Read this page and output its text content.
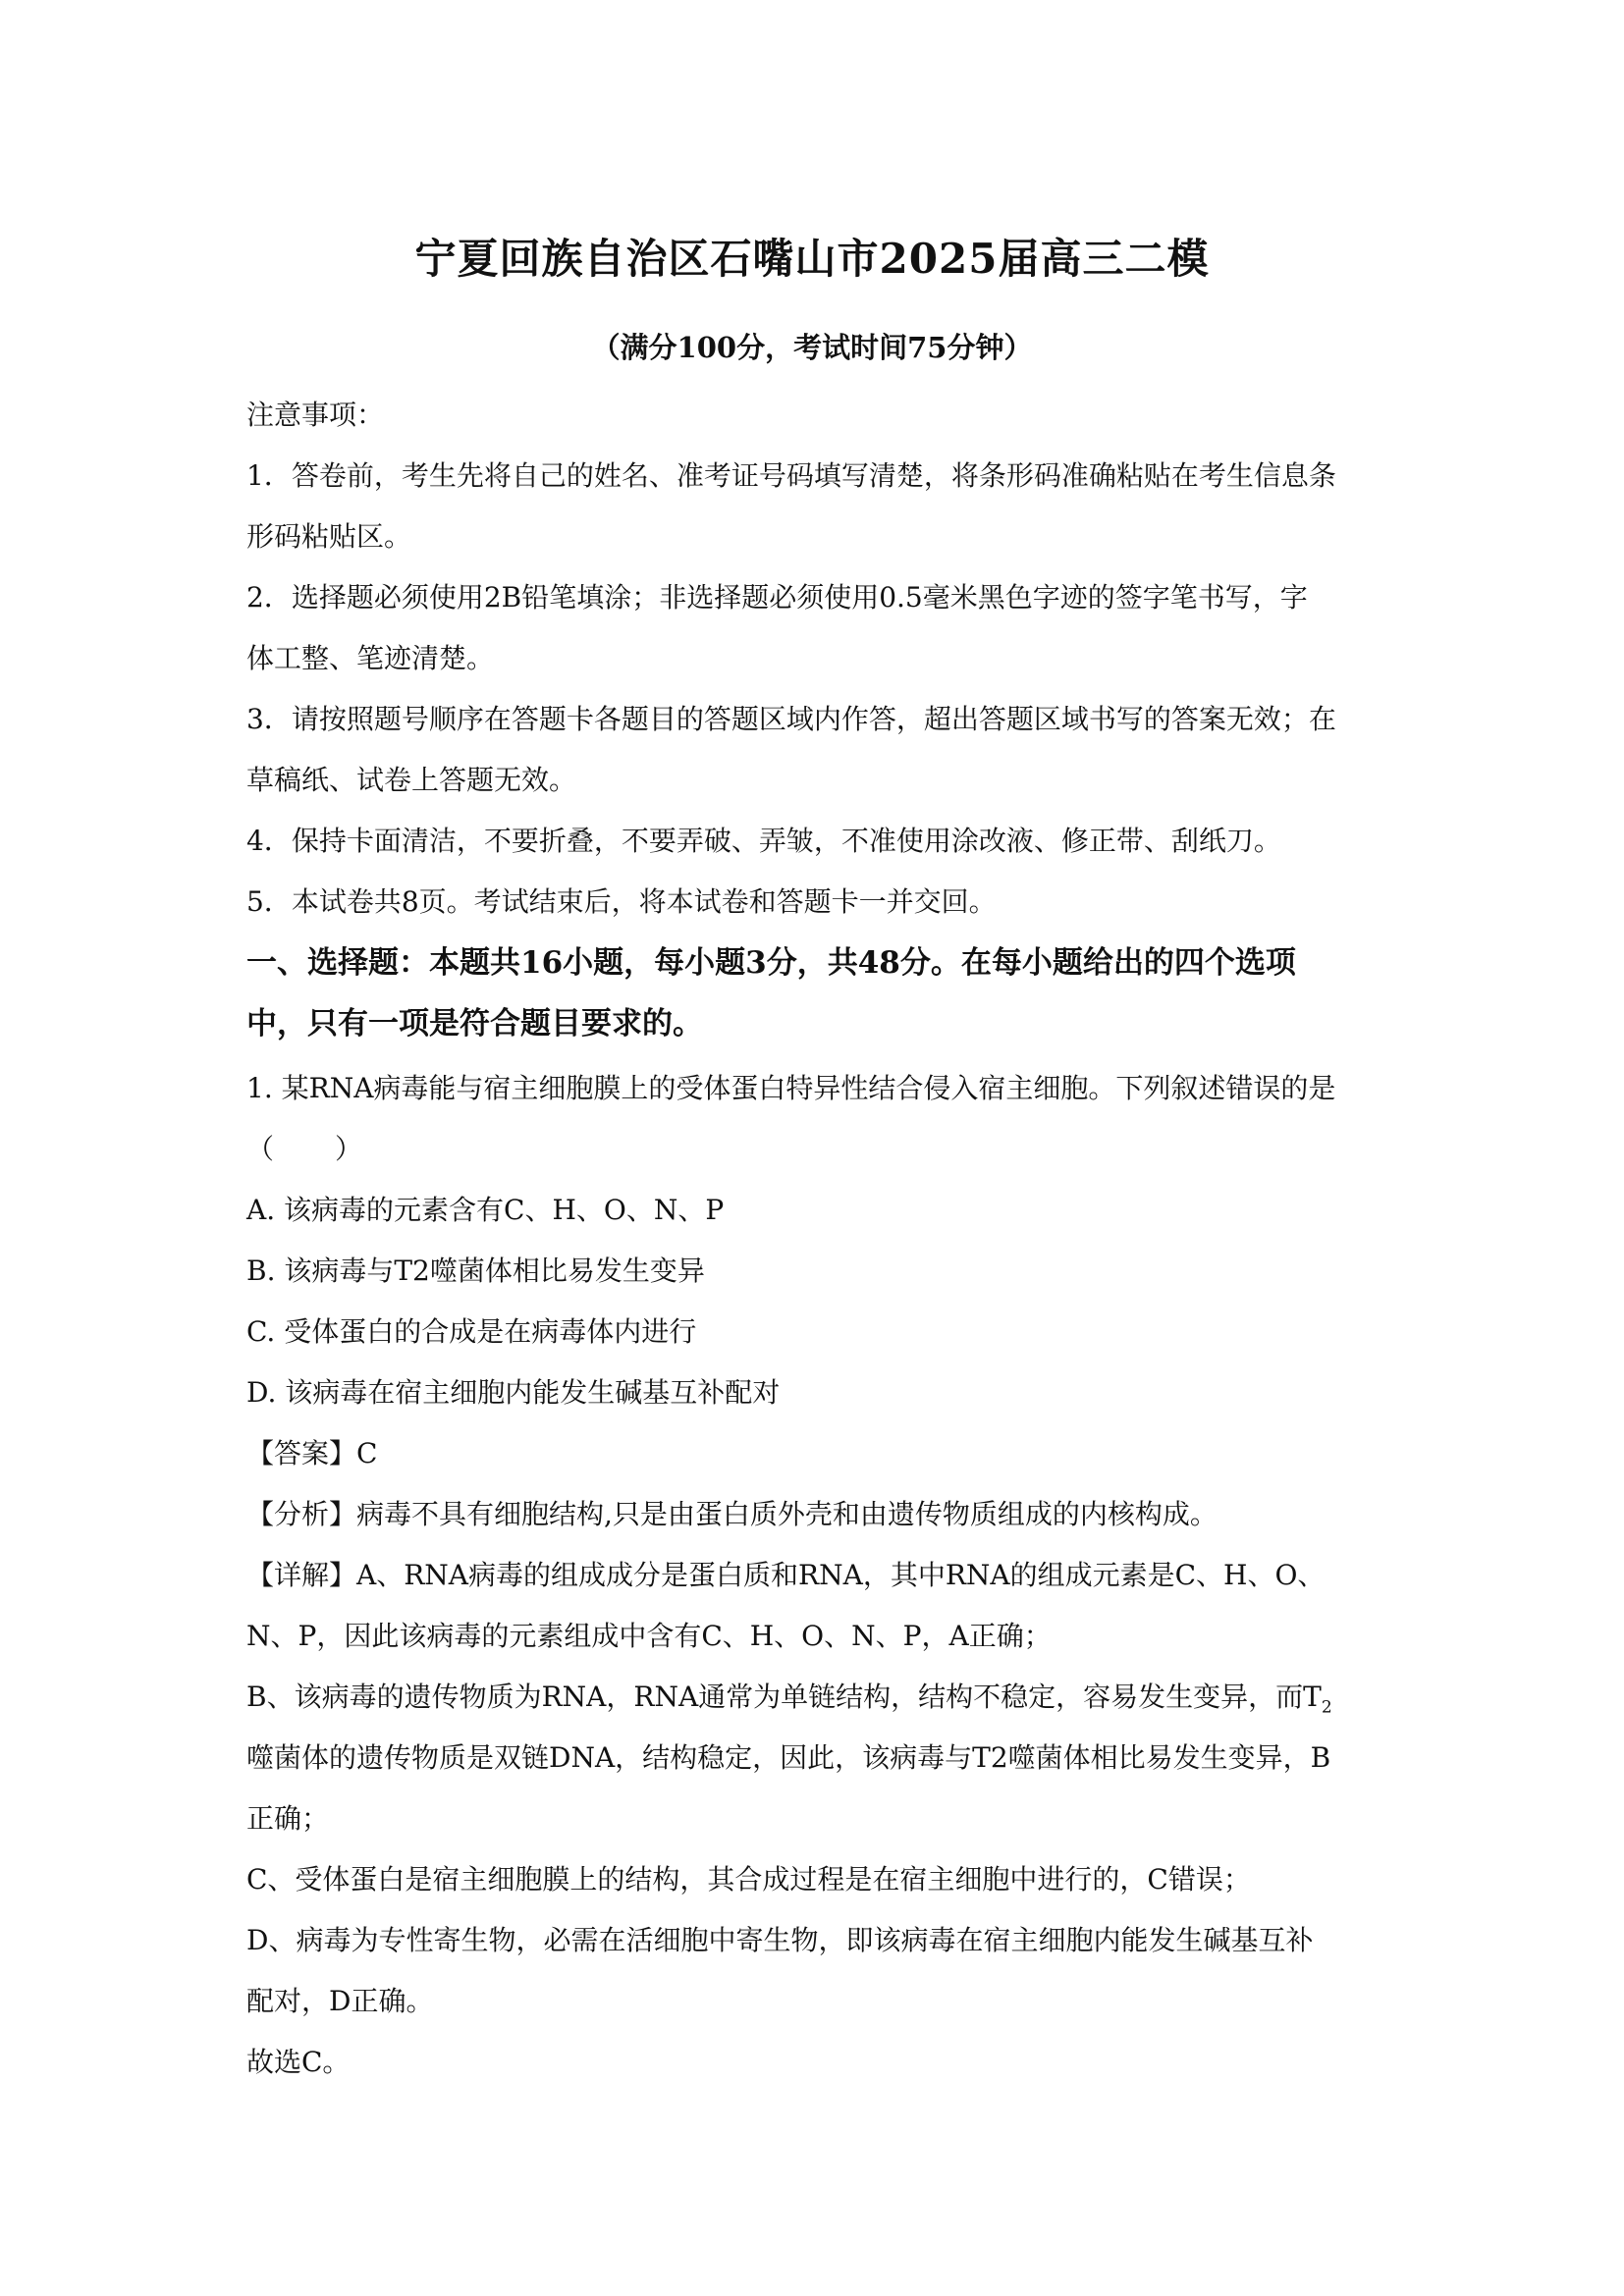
宁夏回族自治区石嘴山市2025届高三二模
（满分100分，考试时间75分钟）
注意事项：
1．答卷前，考生先将自己的姓名、准考证号码填写清楚，将条形码准确粘贴在考生信息条
形码粘贴区。
2．选择题必须使用2B铅笔填涂；非选择题必须使用0.5毫米黑色字迹的签字笔书写，字
体工整、笔迹清楚。
3．请按照题号顺序在答题卡各题目的答题区域内作答，超出答题区域书写的答案无效；在
草稿纸、试卷上答题无效。
4．保持卡面清洁，不要折叠，不要弄破、弄皱，不准使用涂改液、修正带、刮纸刀。
5．本试卷共8页。考试结束后，将本试卷和答题卡一并交回。
一、选择题：本题共16小题，每小题3分，共48分。在每小题给出的四个选项
中，只有一项是符合题目要求的。
1. 某RNA病毒能与宿主细胞膜上的受体蛋白特异性结合侵入宿主细胞。下列叙述错误的是
（ ）
A. 该病毒的元素含有C、H、O、N、P
B. 该病毒与T2噬菌体相比易发生变异
C. 受体蛋白的合成是在病毒体内进行
D. 该病毒在宿主细胞内能发生碱基互补配对
【答案】C
【分析】病毒不具有细胞结构,只是由蛋白质外壳和由遗传物质组成的内核构成。
【详解】A、RNA病毒的组成成分是蛋白质和RNA，其中RNA的组成元素是C、H、O、
N、P，因此该病毒的元素组成中含有C、H、O、N、P，A正确；
B、该病毒的遗传物质为RNA，RNA通常为单链结构，结构不稳定，容易发生变异，而$T_2$
噬菌体的遗传物质是双链DNA，结构稳定，因此，该病毒与T2噬菌体相比易发生变异，B
正确；
C、受体蛋白是宿主细胞膜上的结构，其合成过程是在宿主细胞中进行的，C错误；
D、病毒为专性寄生物，必需在活细胞中寄生物，即该病毒在宿主细胞内能发生碱基互补
配对，D正确。
故选C。
